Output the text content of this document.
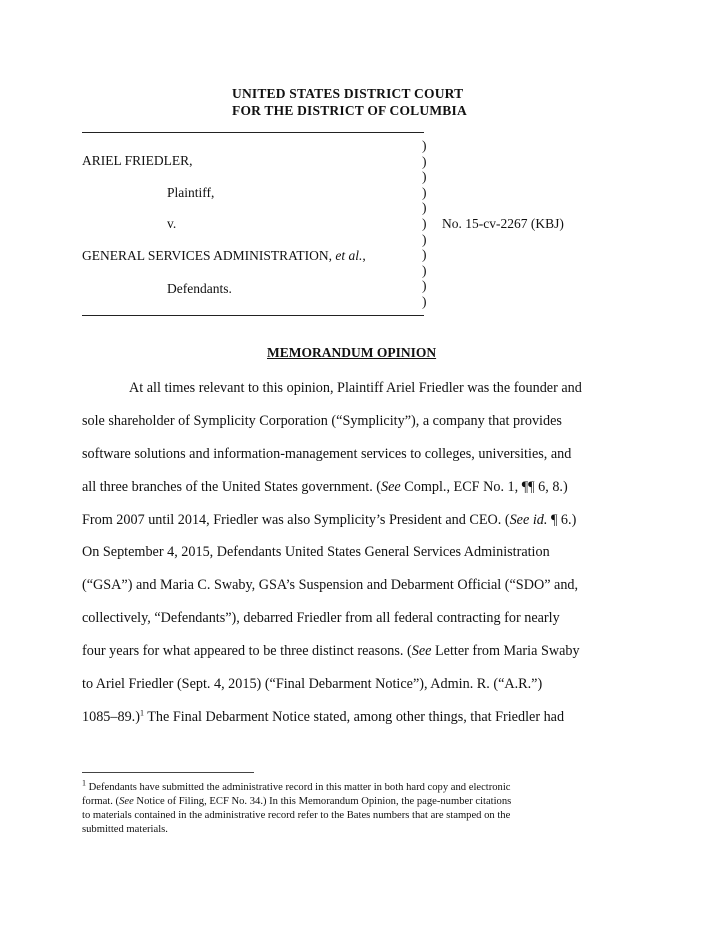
UNITED STATES DISTRICT COURT
FOR THE DISTRICT OF COLUMBIA
)
)
)
)
)
)
)
)
)
)
)
ARIEL FRIEDLER,
Plaintiff,
v.	No. 15-cv-2267 (KBJ)
GENERAL SERVICES ADMINISTRATION, et al.,
Defendants.
MEMORANDUM OPINION
At all times relevant to this opinion, Plaintiff Ariel Friedler was the founder and
sole shareholder of Symplicity Corporation (“Symplicity”), a company that provides
software solutions and information-management services to colleges, universities, and
all three branches of the United States government. (See Compl., ECF No. 1, ¶¶ 6, 8.)
From 2007 until 2014, Friedler was also Symplicity’s President and CEO. (See id. ¶ 6.)
On September 4, 2015, Defendants United States General Services Administration
(“GSA”) and Maria C. Swaby, GSA’s Suspension and Debarment Official (“SDO” and,
collectively, “Defendants”), debarred Friedler from all federal contracting for nearly
four years for what appeared to be three distinct reasons. (See Letter from Maria Swaby
to Ariel Friedler (Sept. 4, 2015) (“Final Debarment Notice”), Admin. R. (“A.R.”)
1085–89.)$^1$ The Final Debarment Notice stated, among other things, that Friedler had
$^1$ Defendants have submitted the administrative record in this matter in both hard copy and electronic
format. (See Notice of Filing, ECF No. 34.) In this Memorandum Opinion, the page-number citations
to materials contained in the administrative record refer to the Bates numbers that are stamped on the
submitted materials.
